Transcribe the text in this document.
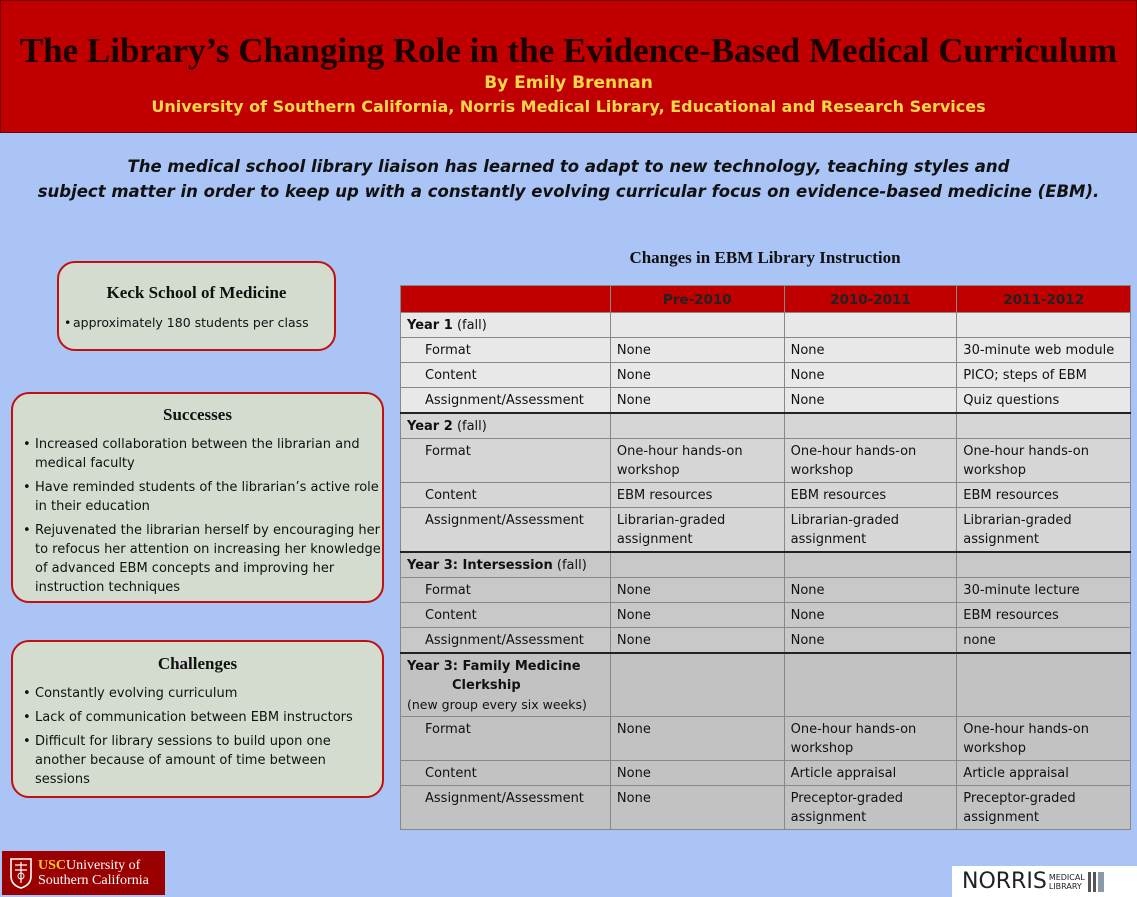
The Library’s Changing Role in the Evidence-Based Medical Curriculum
By Emily Brennan
University of Southern California, Norris Medical Library, Educational and Research Services
The medical school library liaison has learned to adapt to new technology, teaching styles and
subject matter in order to keep up with a constantly evolving curricular focus on evidence-based medicine (EBM).
Keck School of Medicine
• approximately 180 students per class
Successes
• Increased collaboration between the librarian and medical faculty
• Have reminded students of the librarian’s active role in their education
• Rejuvenated the librarian herself by encouraging her to refocus her attention on increasing her knowledge of advanced EBM concepts and improving her instruction techniques
Challenges
• Constantly evolving curriculum
• Lack of communication between EBM instructors
• Difficult for library sessions to build upon one another because of amount of time between sessions
Changes in EBM Library Instruction
	Pre-2010	2010-2011	2011-2012
Year 1 (fall)			
Format	None	None	30-minute web module
Content	None	None	PICO; steps of EBM
Assignment/Assessment	None	None	Quiz questions
Year 2 (fall)			
Format	One-hour hands-on workshop	One-hour hands-on workshop	One-hour hands-on workshop
Content	EBM resources	EBM resources	EBM resources
Assignment/Assessment	Librarian-graded assignment	Librarian-graded assignment	Librarian-graded assignment
Year 3: Intersession (fall)			
Format	None	None	30-minute lecture
Content	None	None	EBM resources
Assignment/Assessment	None	None	none

Year 3: Family Medicine
Clerkship
(new group every six weeks)			

Format	None	One-hour hands-on workshop	One-hour hands-on workshop
Content	None	Article appraisal	Article appraisal
Assignment/Assessment	None	Preceptor-graded assignment	Preceptor-graded assignment
USCUniversity of
Southern California	NORRIS MEDICAL
LIBRARY
